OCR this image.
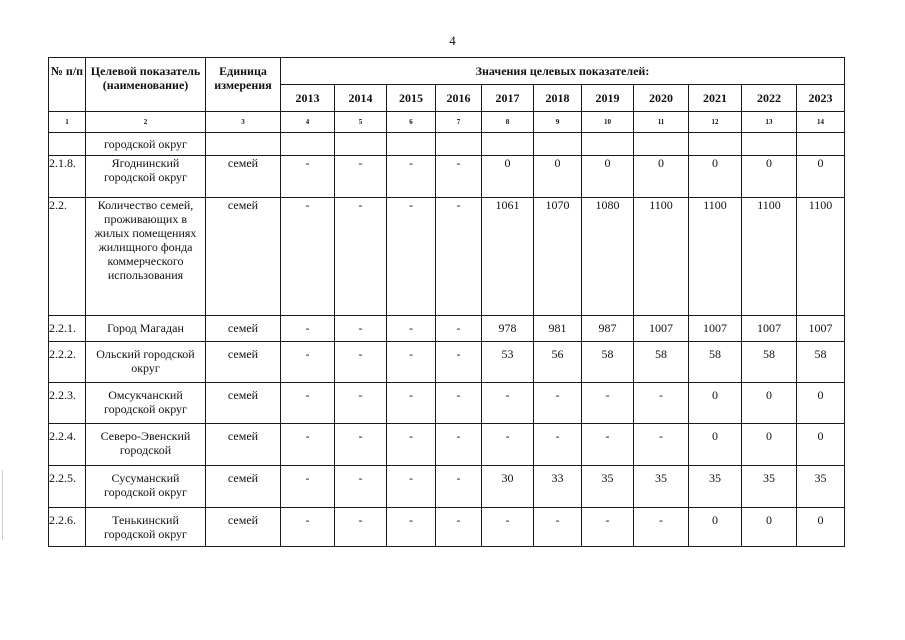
4
№ п/п	Целевой показатель (наименование)	Единица измерения	Значения целевых показателей:										
			2013	2014	2015	2016	2017	2018	2019	2020	2021	2022	2023
1	2	3	4	5	6	7	8	9	10	11	12	13	14
	городской округ												
2.1.8.	Ягоднинский городской округ	семей	-	-	-	-	0	0	0	0	0	0	0
2.2.	Количество семей, проживающих в жилых помещениях жилищного фонда коммерческого использования	семей	-	-	-	-	1061	1070	1080	1100	1100	1100	1100
2.2.1.	Город Магадан	семей	-	-	-	-	978	981	987	1007	1007	1007	1007
2.2.2.	Ольский городской округ	семей	-	-	-	-	53	56	58	58	58	58	58
2.2.3.	Омсукчанский городской округ	семей	-	-	-	-	-	-	-	-	0	0	0
2.2.4.	Северо-Эвенский городской	семей	-	-	-	-	-	-	-	-	0	0	0
2.2.5.	Сусуманский городской округ	семей	-	-	-	-	30	33	35	35	35	35	35
2.2.6.	Тенькинский городской округ	семей	-	-	-	-	-	-	-	-	0	0	0
